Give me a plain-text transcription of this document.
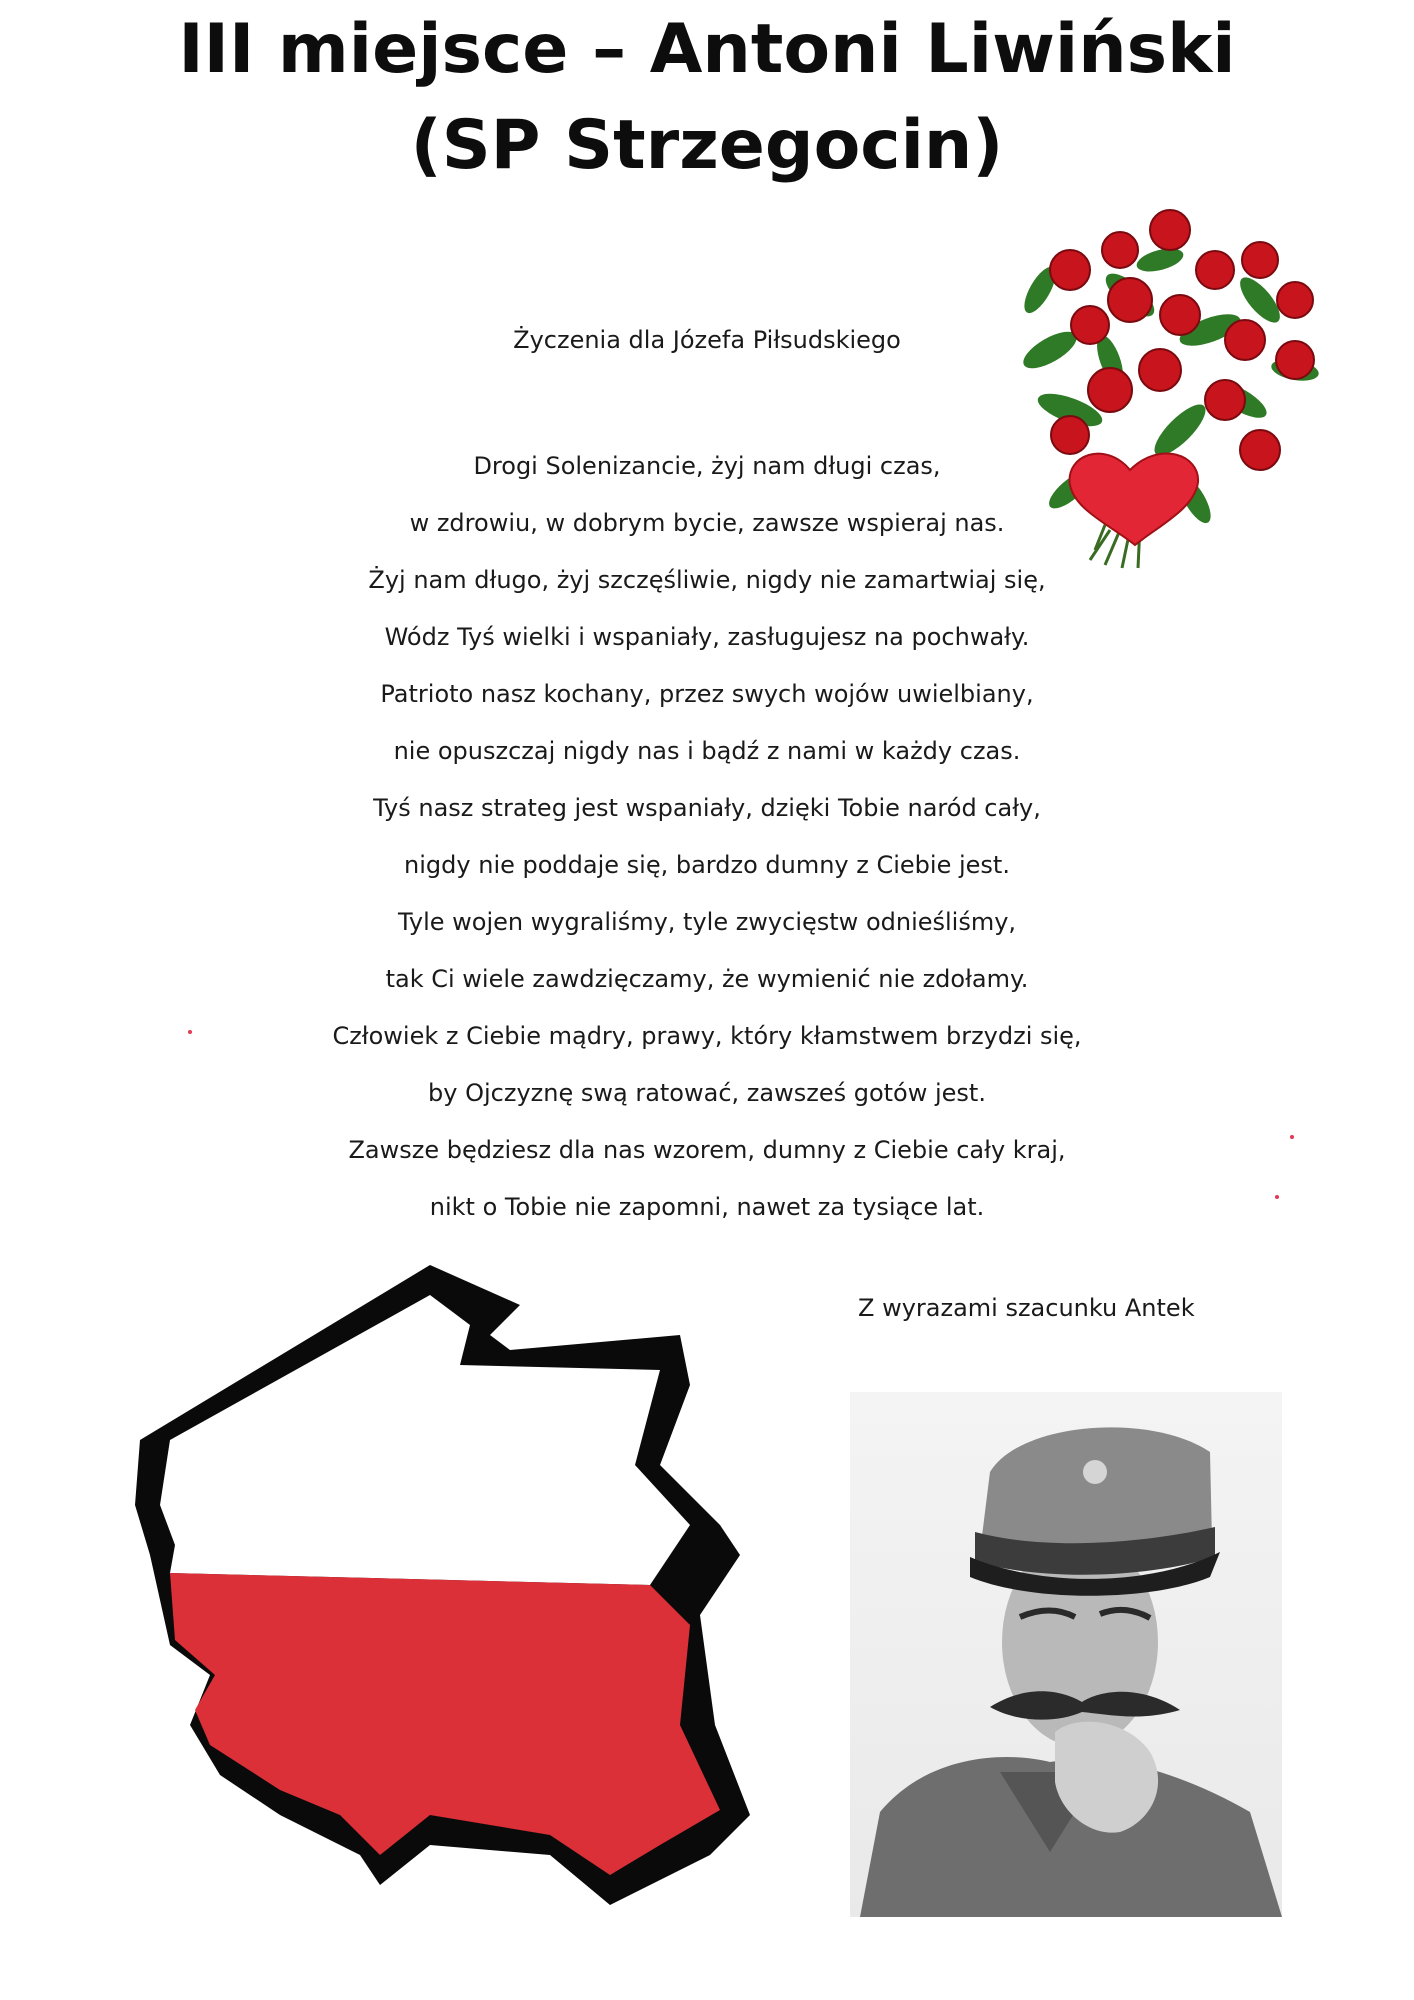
III miejsce – Antoni Liwiński
(SP Strzegocin)
Życzenia dla Józefa Piłsudskiego
Drogi Solenizancie, żyj nam długi czas,
w zdrowiu, w dobrym bycie, zawsze wspieraj nas.
Żyj nam długo, żyj szczęśliwie, nigdy nie zamartwiaj się,
Wódz Tyś wielki i wspaniały, zasługujesz na pochwały.
Patrioto nasz kochany, przez swych wojów uwielbiany,
nie opuszczaj nigdy nas i bądź z nami w każdy czas.
Tyś nasz strateg jest wspaniały, dzięki Tobie naród cały,
nigdy nie poddaje się, bardzo dumny z Ciebie jest.
Tyle wojen wygraliśmy, tyle zwycięstw odnieśliśmy,
tak Ci wiele zawdzięczamy, że wymienić nie zdołamy.
Człowiek z Ciebie mądry, prawy, który kłamstwem brzydzi się,
by Ojczyznę swą ratować, zawsześ gotów jest.
Zawsze będziesz dla nas wzorem, dumny z Ciebie cały kraj,
nikt o Tobie nie zapomni, nawet za tysiące lat.
Z wyrazami szacunku Antek
